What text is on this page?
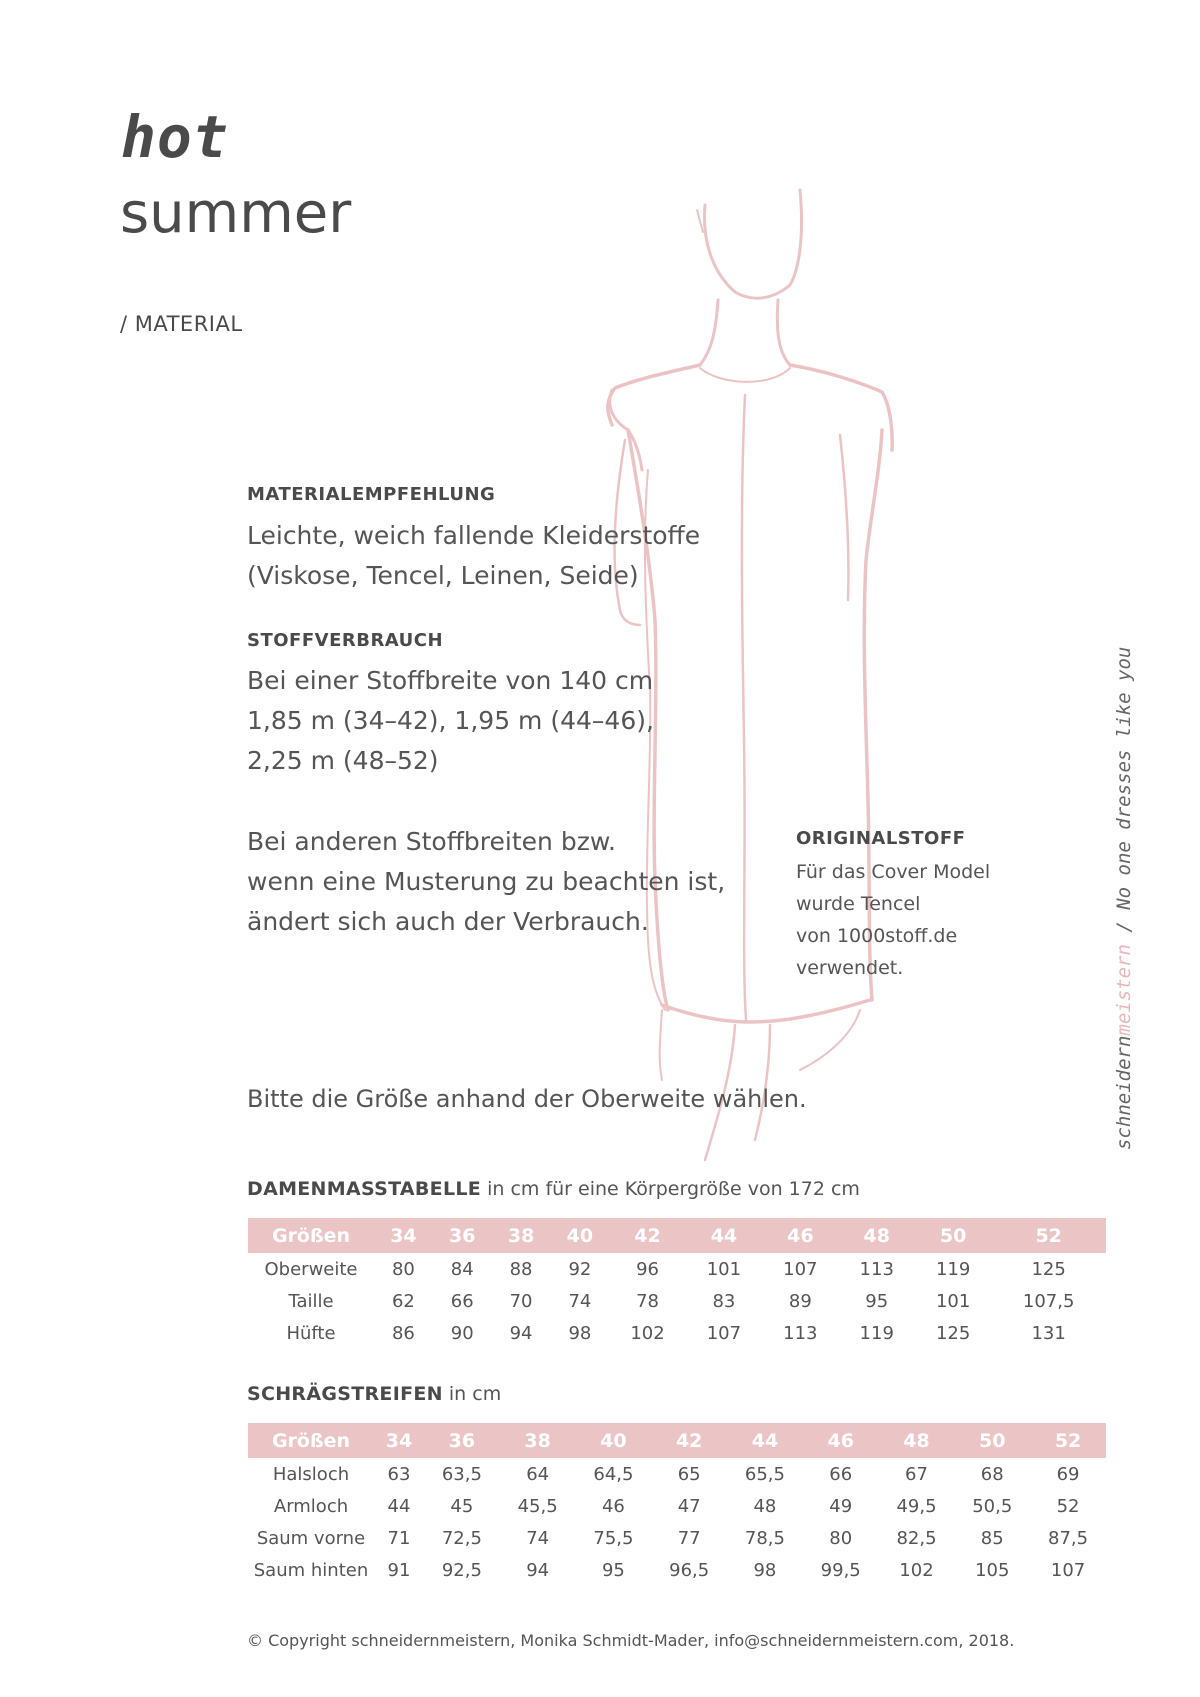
hot
summer
/ MATERIAL
MATERIALEMPFEHLUNG
Leichte, weich fallende Kleiderstoffe
(Viskose, Tencel, Leinen, Seide)
STOFFVERBRAUCH
Bei einer Stoffbreite von 140 cm
1,85 m (34–42), 1,95 m (44–46),
2,25 m (48–52)
Bei anderen Stoffbreiten bzw.
wenn eine Musterung zu beachten ist,
ändert sich auch der Verbrauch.
ORIGINALSTOFF
Für das Cover Model
wurde Tencel
von 1000stoff.de
verwendet.
Bitte die Größe anhand der Oberweite wählen.	schneidernmeistern / No one dresses like you
DAMENMASSTABELLE in cm für eine Körpergröße von 172 cm
Größen	34	36	38	40	42	44	46	48	50	52
Oberweite	80	84	88	92	96	101	107	113	119	125
Taille	62	66	70	74	78	83	89	95	101	107,5
Hüfte	86	90	94	98	102	107	113	119	125	131
SCHRÄGSTREIFEN in cm
Größen	34	36	38	40	42	44	46	48	50	52
Halsloch	63	63,5	64	64,5	65	65,5	66	67	68	69
Armloch	44	45	45,5	46	47	48	49	49,5	50,5	52
Saum vorne	71	72,5	74	75,5	77	78,5	80	82,5	85	87,5
Saum hinten	91	92,5	94	95	96,5	98	99,5	102	105	107
© Copyright schneidernmeistern, Monika Schmidt-Mader, info@schneidernmeistern.com, 2018.
